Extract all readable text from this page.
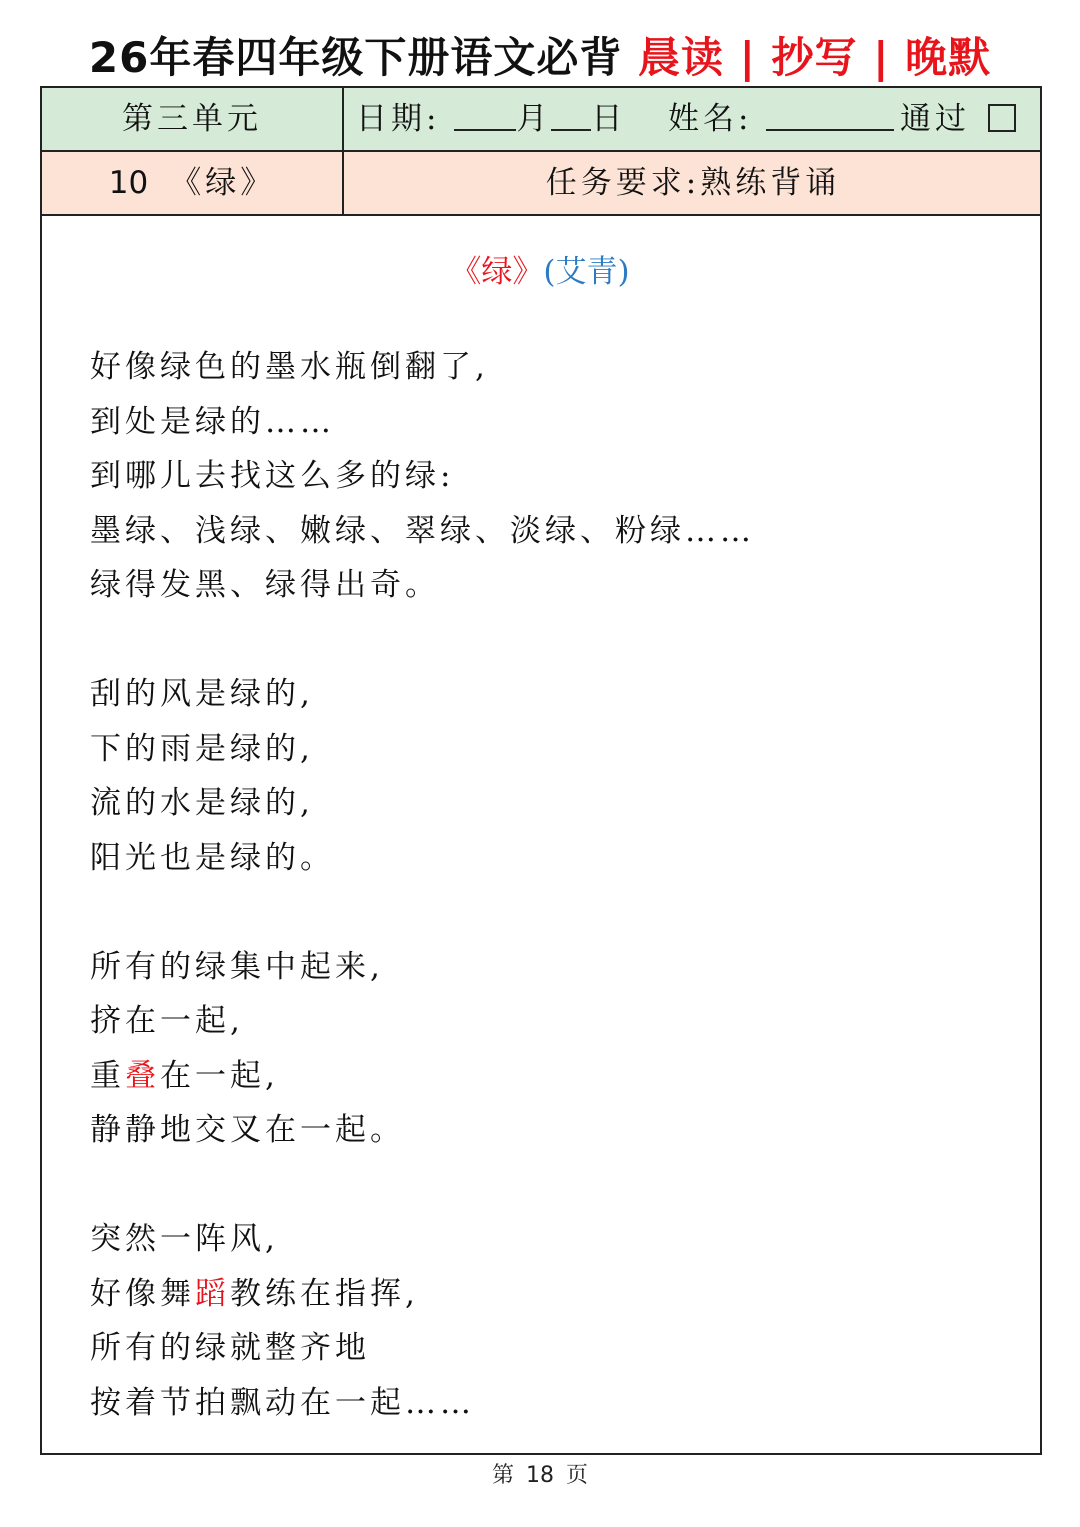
26年春四年级下册语文必背 晨读 | 抄写 | 晚默
第三单元	日期: 月 日 姓名:	通过
10 《绿》	任务要求:熟练背诵
《绿》(艾青)
好像绿色的墨水瓶倒翻了,
到处是绿的……
到哪儿去找这么多的绿:
墨绿、浅绿、嫩绿、翠绿、淡绿、粉绿……
绿得发黑、绿得出奇。
刮的风是绿的,
下的雨是绿的,
流的水是绿的,
阳光也是绿的。
所有的绿集中起来,
挤在一起,
重叠在一起,
静静地交叉在一起。
突然一阵风,
好像舞蹈教练在指挥,
所有的绿就整齐地
按着节拍飘动在一起……
第 18 页
